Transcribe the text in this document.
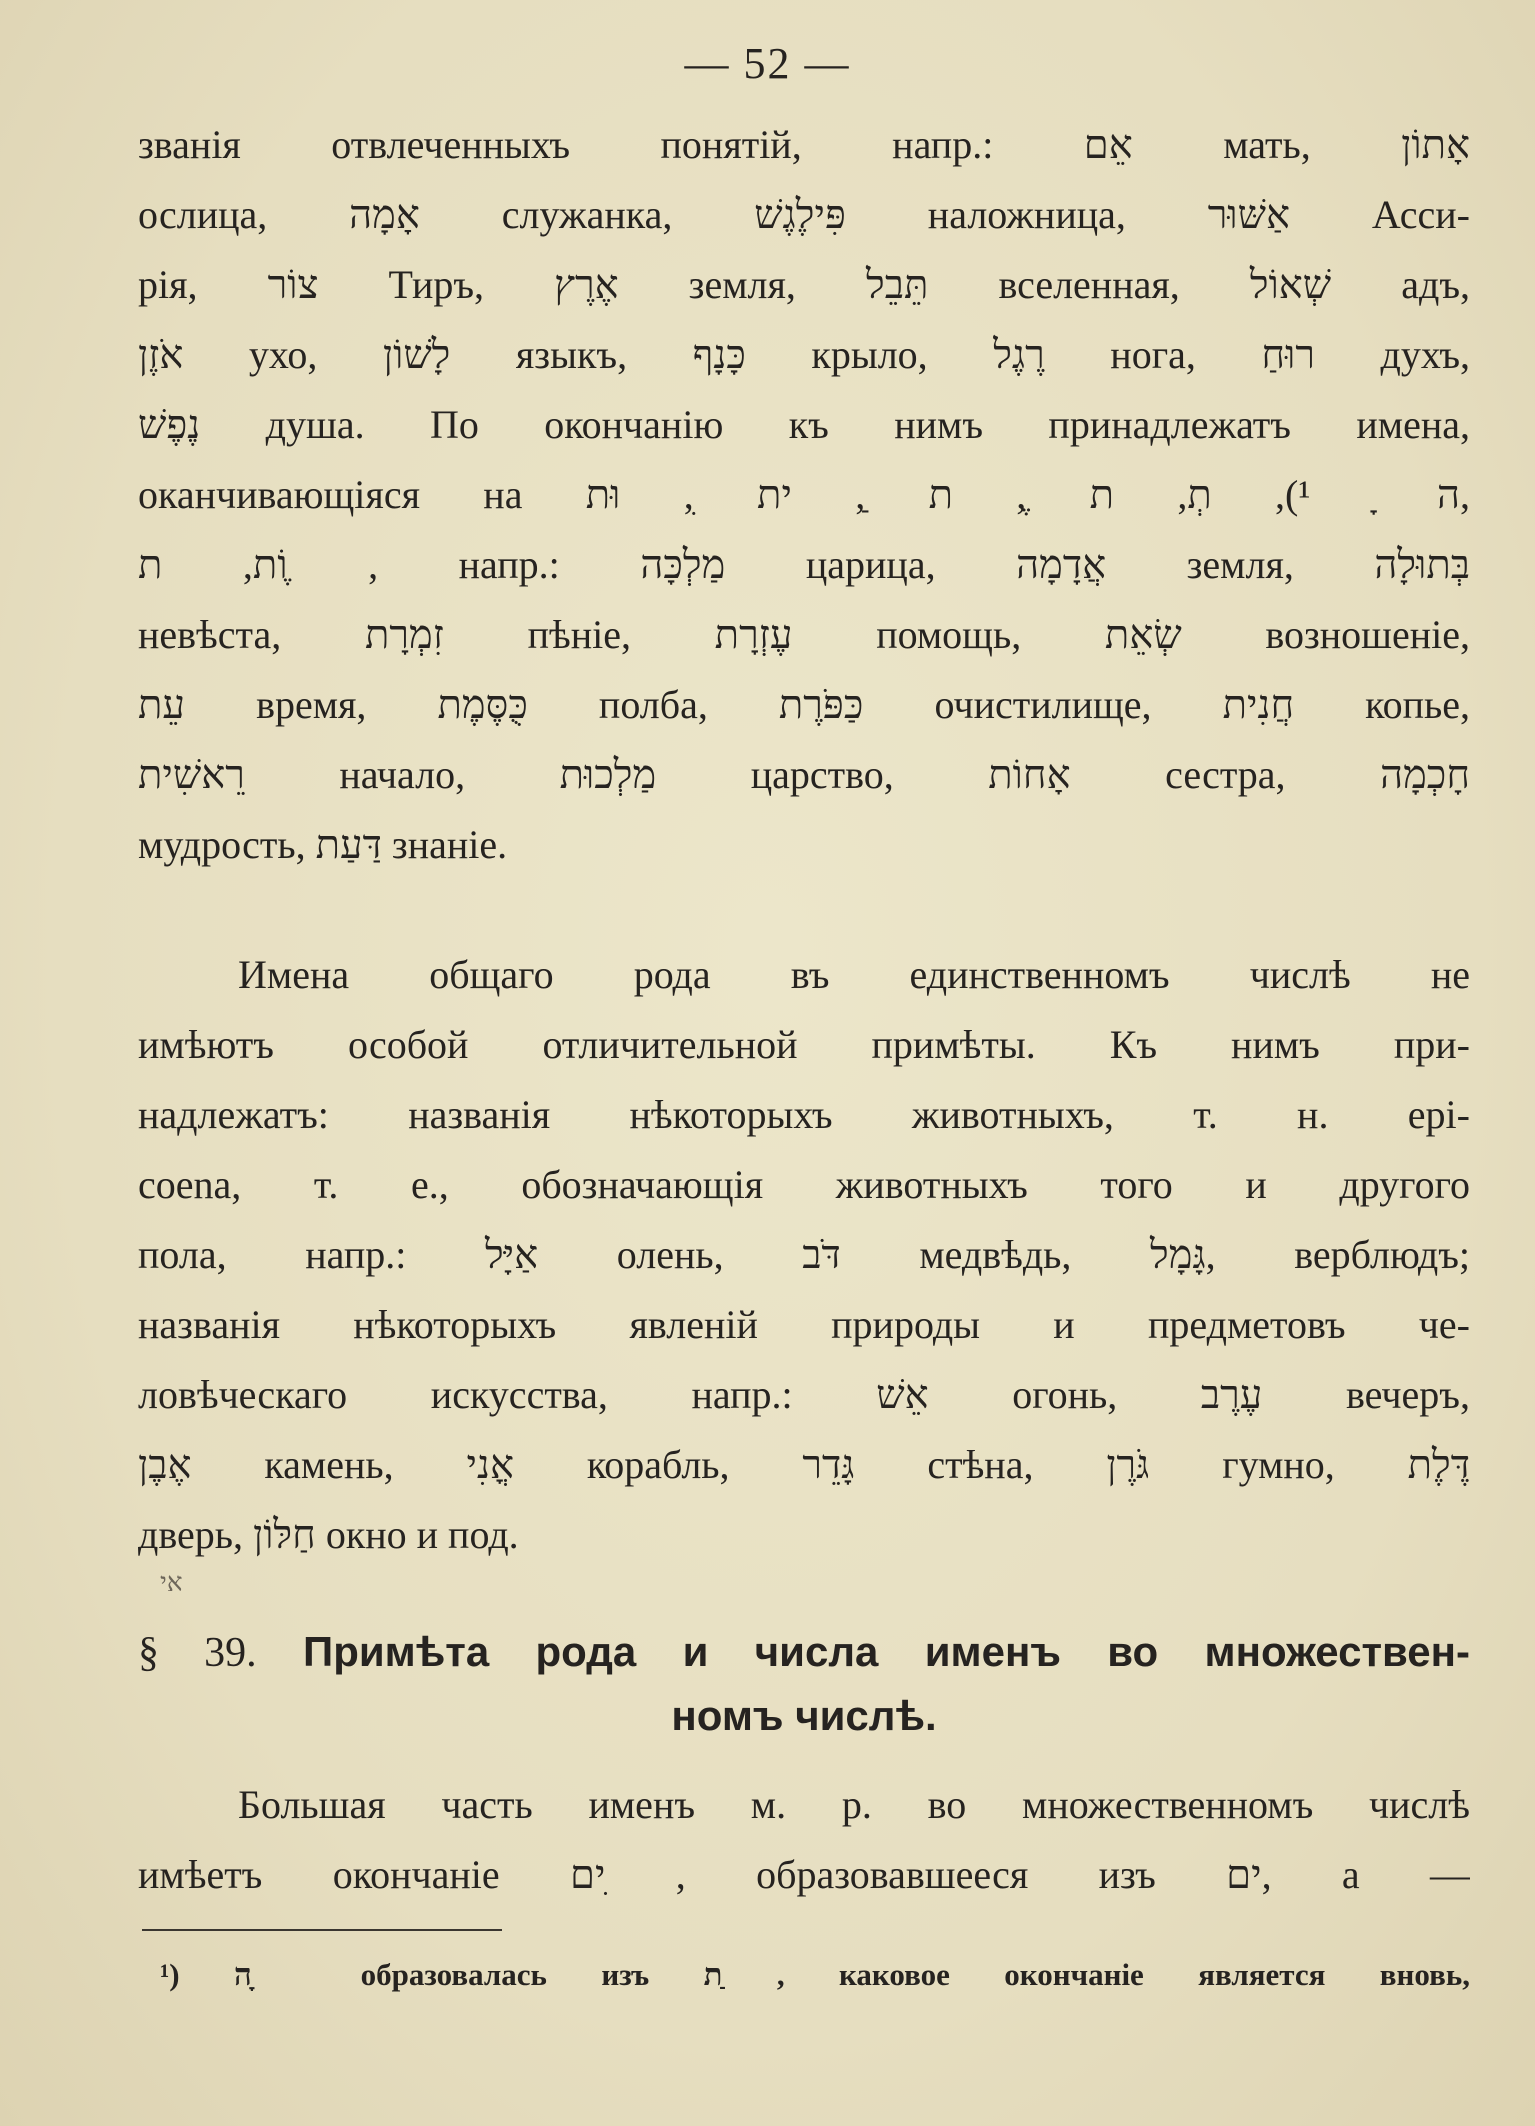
— 52 —
званія отвлеченныхъ понятій, напр.: אֵם мать, אָתוֹן
ослица, אָמָה служанка, פִּילֶגֶשׁ наложница, אַשּׁוּר Асси-
рія, צוֹר Тиръ, אֶרֶץ земля, תֵּבֵל вселенная, שְׁאוֹל адъ,
אֹזֶן ухо, לָשׁוֹן языкъ, כָּנָף крыло, רֶגֶל нога, רוּחַ духъ,
נֶפֶשׁ душа. По окончанію къ нимъ принадлежатъ имена,
оканчивающіяся на ה ָ ¹), תְ, ת ֶ, ת ַ, ית ִ, וּת,
וֹת, ת ֶ, напр.: מַלְכָּה царица, אֲדָמָה земля, בְּתוּלָה
невѣста, זִמְרָת пѣніе, עֶזְרָת помощь, שְׂאֵת возношеніе,
עֵת время, כֻּסֶּמֶת полба, כַּפֹּרֶת очистилище, חֲנִית копье,
רֵאשִׁית начало, מַלְכוּת царство, אָחוֹת сестра, חָכְמָה
мудрость, דַּעַת знаніе.
Имена общаго рода въ единственномъ числѣ не
имѣютъ особой отличительной примѣты. Къ нимъ при-
надлежатъ: названія нѣкоторыхъ животныхъ, т. н. epi-
coena, т. е., обозначающія животныхъ того и другого
пола, напр.: אַיָּל олень, דֹּב медвѣдь, גָּמָל, верблюдъ;
названія нѣкоторыхъ явленій природы и предметовъ че-
ловѣческаго искусства, напр.: אֵשׁ огонь, עֶרֶב вечеръ,
אֶבֶן камень, אֳנִי корабль, גָּדֵר стѣна, גֹּרֶן гумно, דֶּלֶת
дверь, חַלּוֹן окно и под.
אי
§ 39. Примѣта рода и числа именъ во множествен-
номъ числѣ.
Большая часть именъ м. р. во множественномъ числѣ
имѣетъ окончаніе ים ִ, образовавшееся изъ ים, а —
¹) ה ָ образовалась изъ ת ַ, каковое окончаніе является вновь,
